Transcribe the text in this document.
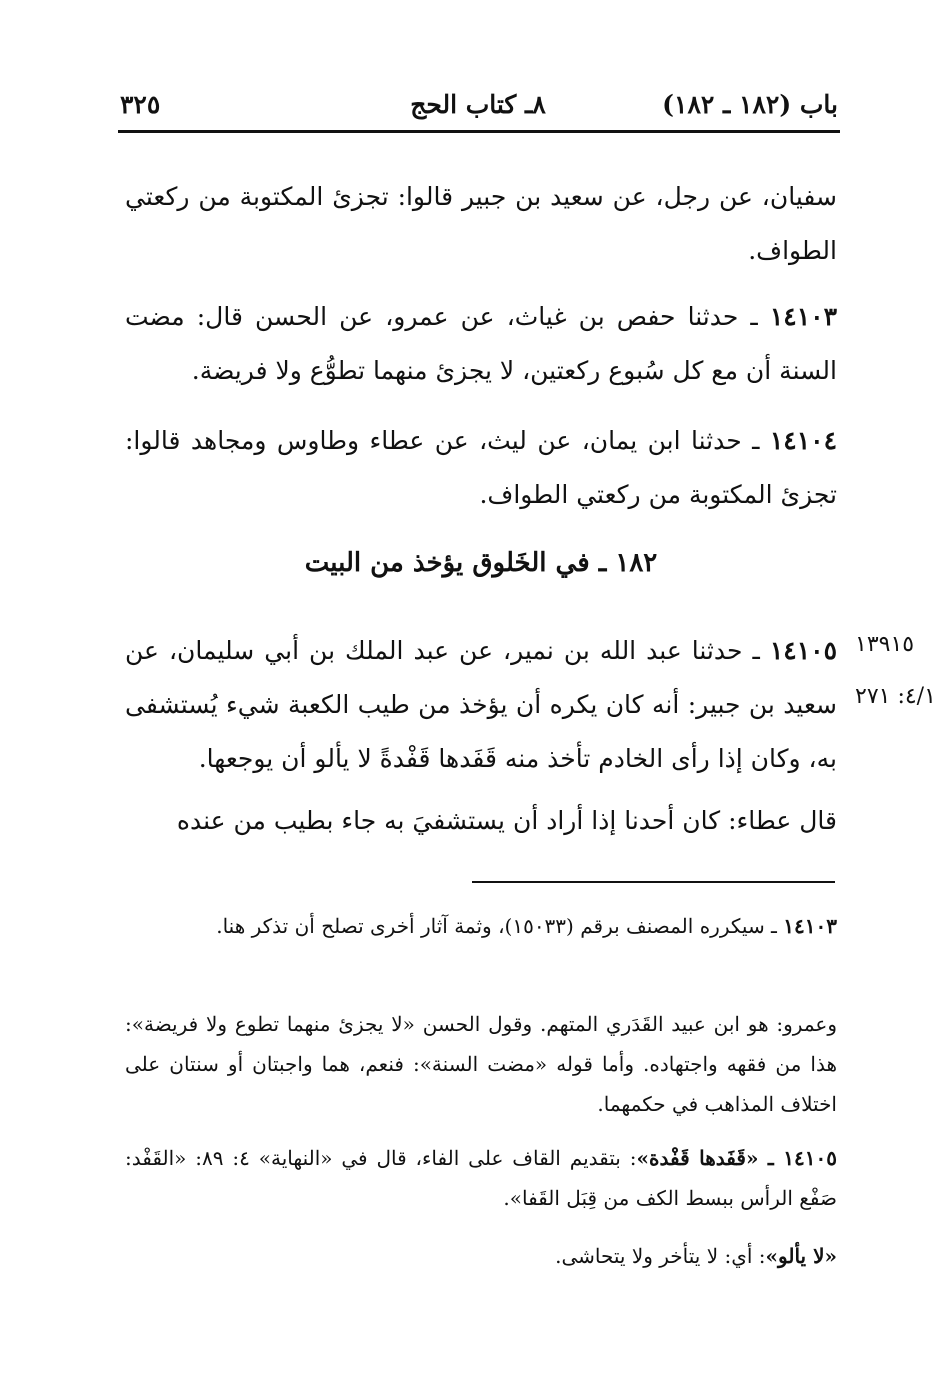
باب (١٨٢ ـ ١٨٢)
٨ـ كتاب الحج
٣٢٥
سفيان، عن رجل، عن سعيد بن جبير قالوا: تجزئ المكتوبة من ركعتي الطواف.
١٤١٠٣ ـ حدثنا حفص بن غياث، عن عمرو، عن الحسن قال: مضت السنة أن مع كل سُبوع ركعتين، لا يجزئ منهما تطوُّع ولا فريضة.
١٤١٠٤ ـ حدثنا ابن يمان، عن ليث، عن عطاء وطاوس ومجاهد قالوا: تجزئ المكتوبة من ركعتي الطواف.
١٨٢ ـ في الخَلوق يؤخذ من البيت
١٤١٠٥ ـ حدثنا عبد الله بن نمير، عن عبد الملك بن أبي سليمان، عن سعيد بن جبير: أنه كان يكره أن يؤخذ من طيب الكعبة شيء يُستشفى به، وكان إذا رأى الخادم تأخذ منه قَفَدها قَفْدةً لا يألو أن يوجعها.
قال عطاء: كان أحدنا إذا أراد أن يستشفيَ به جاء بطيب من عنده
١٣٩١٥
٤/١: ٢٧١
١٤١٠٣ ـ سيكرره المصنف برقم (١٥٠٣٣)، وثمة آثار أخرى تصلح أن تذكر هنا.
وعمرو: هو ابن عبيد القَدَري المتهم. وقول الحسن «لا يجزئ منهما تطوع ولا فريضة»: هذا من فقهه واجتهاده. وأما قوله «مضت السنة»: فنعم، هما واجبتان أو سنتان على اختلاف المذاهب في حكمهما.
١٤١٠٥ ـ «قَفَدها قَفْدة»: بتقديم القاف على الفاء، قال في «النهاية» ٤: ٨٩: «القَفْد: صَفْع الرأس ببسط الكف من قِبَل القَفا».
«لا يألو»: أي: لا يتأخر ولا يتحاشى.
